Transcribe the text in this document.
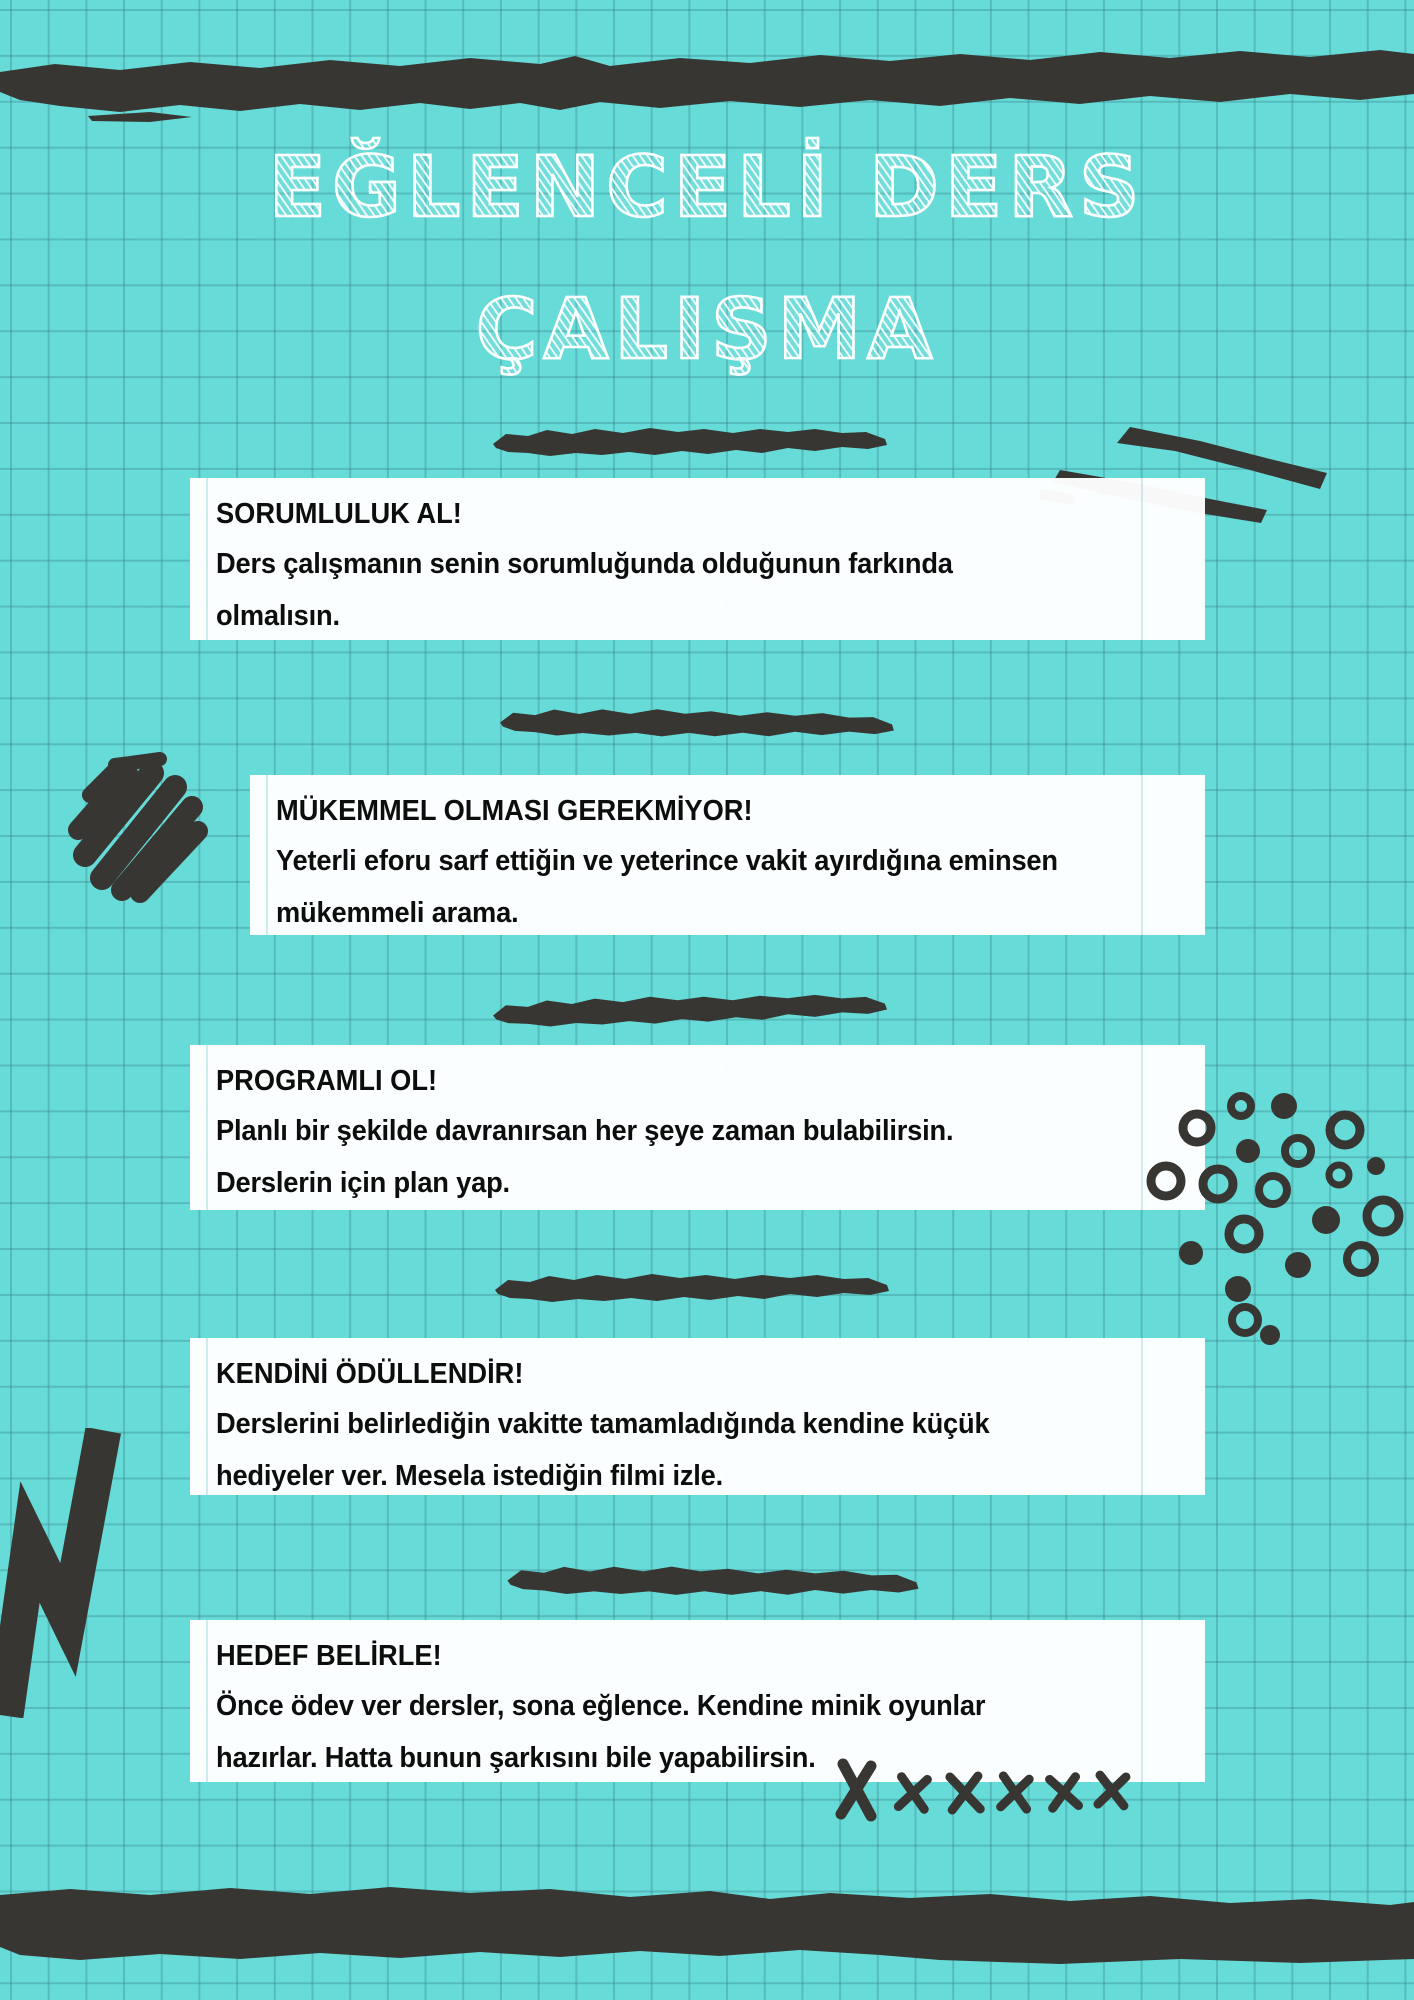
EĞLENCELİ DERS
ÇALIŞMA
SORUMLULUK AL!

Ders çalışmanın senin sorumluğunda olduğunun farkında

olmalısın.

MÜKEMMEL OLMASI GEREKMİYOR!

Yeterli eforu sarf ettiğin ve yeterince vakit ayırdığına eminsen

mükemmeli arama.

PROGRAMLI OL!

Planlı bir şekilde davranırsan her şeye zaman bulabilirsin.

Derslerin için plan yap.

KENDİNİ ÖDÜLLENDİR!

Derslerini belirlediğin vakitte tamamladığında kendine küçük

hediyeler ver. Mesela istediğin filmi izle.

HEDEF BELİRLE!

Önce ödev ver dersler, sona eğlence. Kendine minik oyunlar

hazırlar. Hatta bunun şarkısını bile yapabilirsin.
